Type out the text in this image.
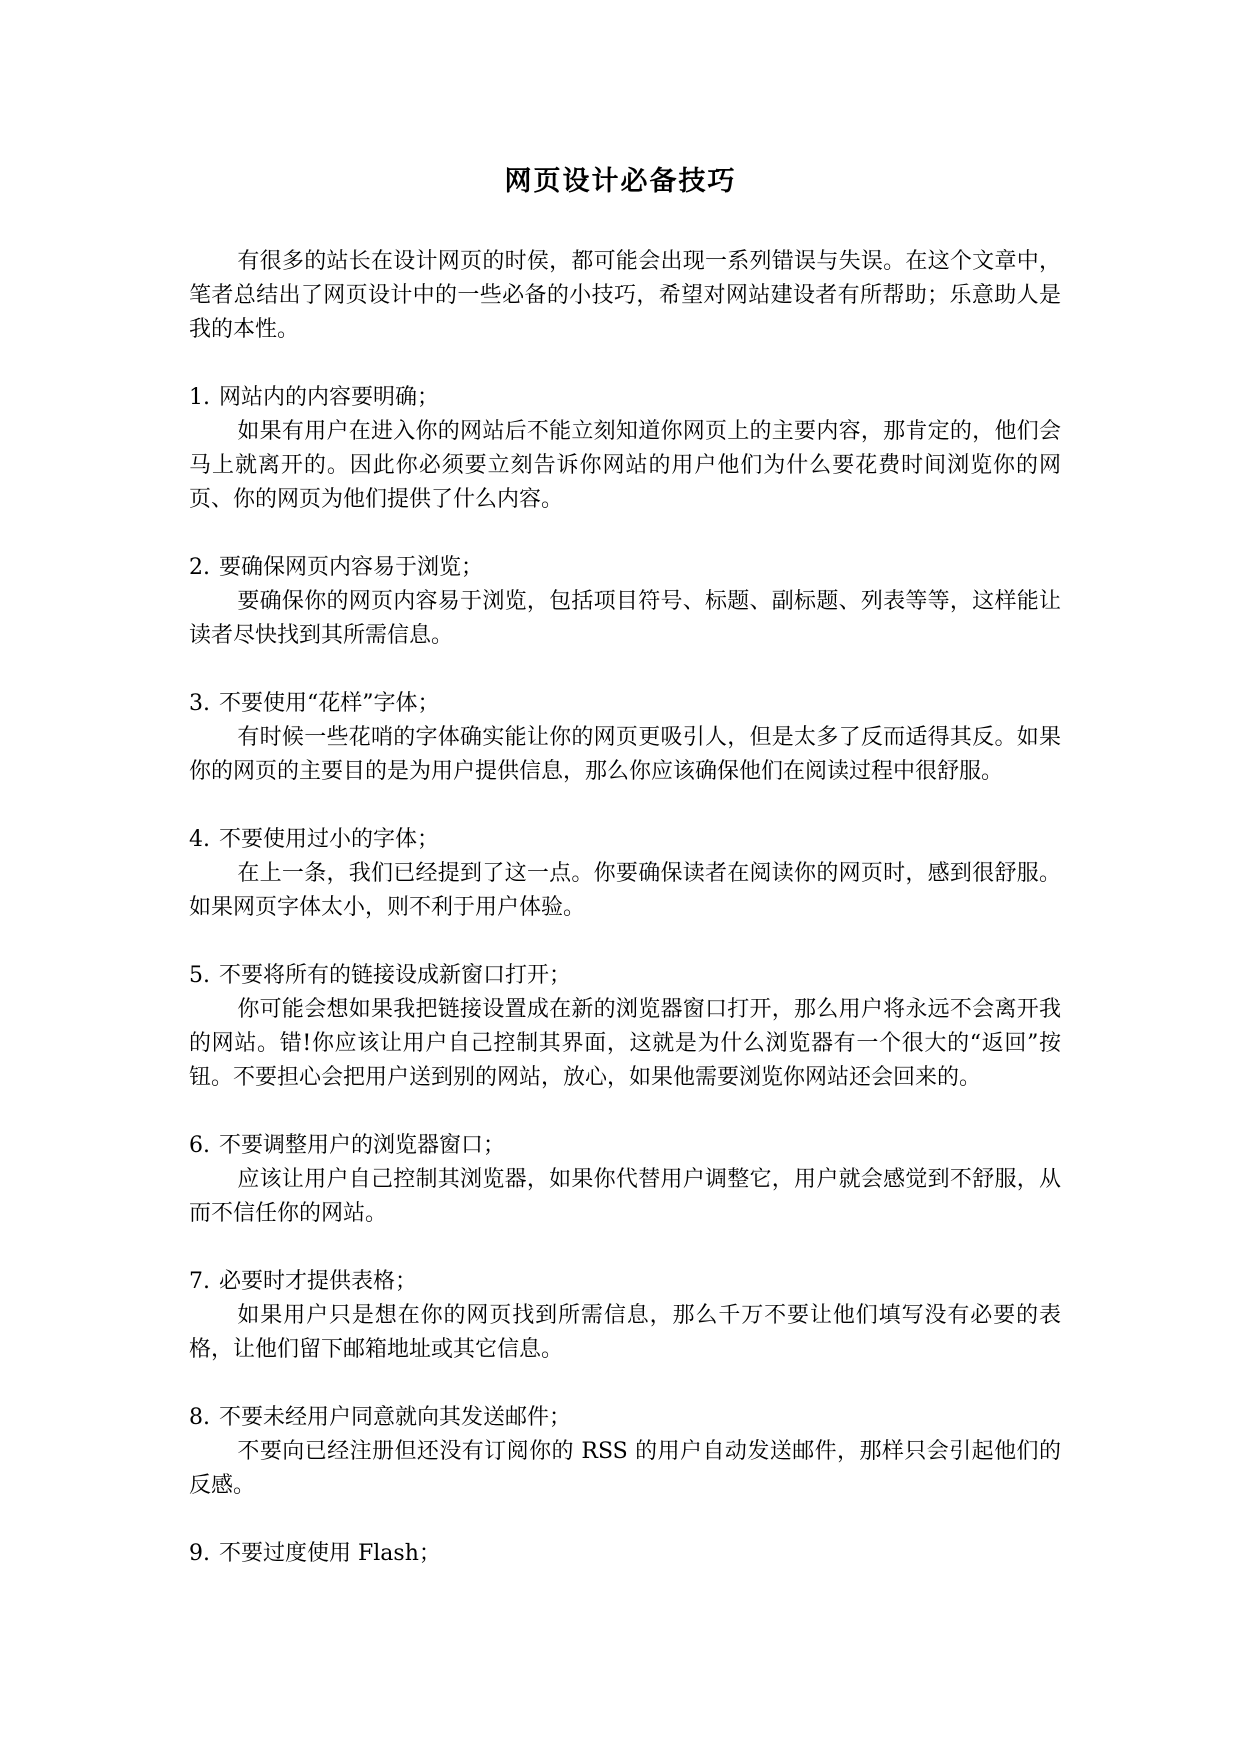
网页设计必备技巧

有很多的站长在设计网页的时侯，都可能会出现一系列错误与失误。在这个文章中，笔者总结出了网页设计中的一些必备的小技巧，希望对网站建设者有所帮助；乐意助人是我的本性。

1. 网站内的内容要明确；

如果有用户在进入你的网站后不能立刻知道你网页上的主要内容，那肯定的，他们会马上就离开的。因此你必须要立刻告诉你网站的用户他们为什么要花费时间浏览你的网页、你的网页为他们提供了什么内容。

2. 要确保网页内容易于浏览；

要确保你的网页内容易于浏览，包括项目符号、标题、副标题、列表等等，这样能让读者尽快找到其所需信息。

3. 不要使用“花样”字体；

有时候一些花哨的字体确实能让你的网页更吸引人，但是太多了反而适得其反。如果你的网页的主要目的是为用户提供信息，那么你应该确保他们在阅读过程中很舒服。

4. 不要使用过小的字体；

在上一条，我们已经提到了这一点。你要确保读者在阅读你的网页时，感到很舒服。如果网页字体太小，则不利于用户体验。

5. 不要将所有的链接设成新窗口打开；

你可能会想如果我把链接设置成在新的浏览器窗口打开，那么用户将永远不会离开我的网站。错!你应该让用户自己控制其界面，这就是为什么浏览器有一个很大的“返回”按钮。不要担心会把用户送到别的网站，放心，如果他需要浏览你网站还会回来的。

6. 不要调整用户的浏览器窗口；

应该让用户自己控制其浏览器，如果你代替用户调整它，用户就会感觉到不舒服，从而不信任你的网站。

7. 必要时才提供表格；

如果用户只是想在你的网页找到所需信息，那么千万不要让他们填写没有必要的表格，让他们留下邮箱地址或其它信息。

8. 不要未经用户同意就向其发送邮件；

不要向已经注册但还没有订阅你的 RSS 的用户自动发送邮件，那样只会引起他们的反感。

9. 不要过度使用 Flash；
